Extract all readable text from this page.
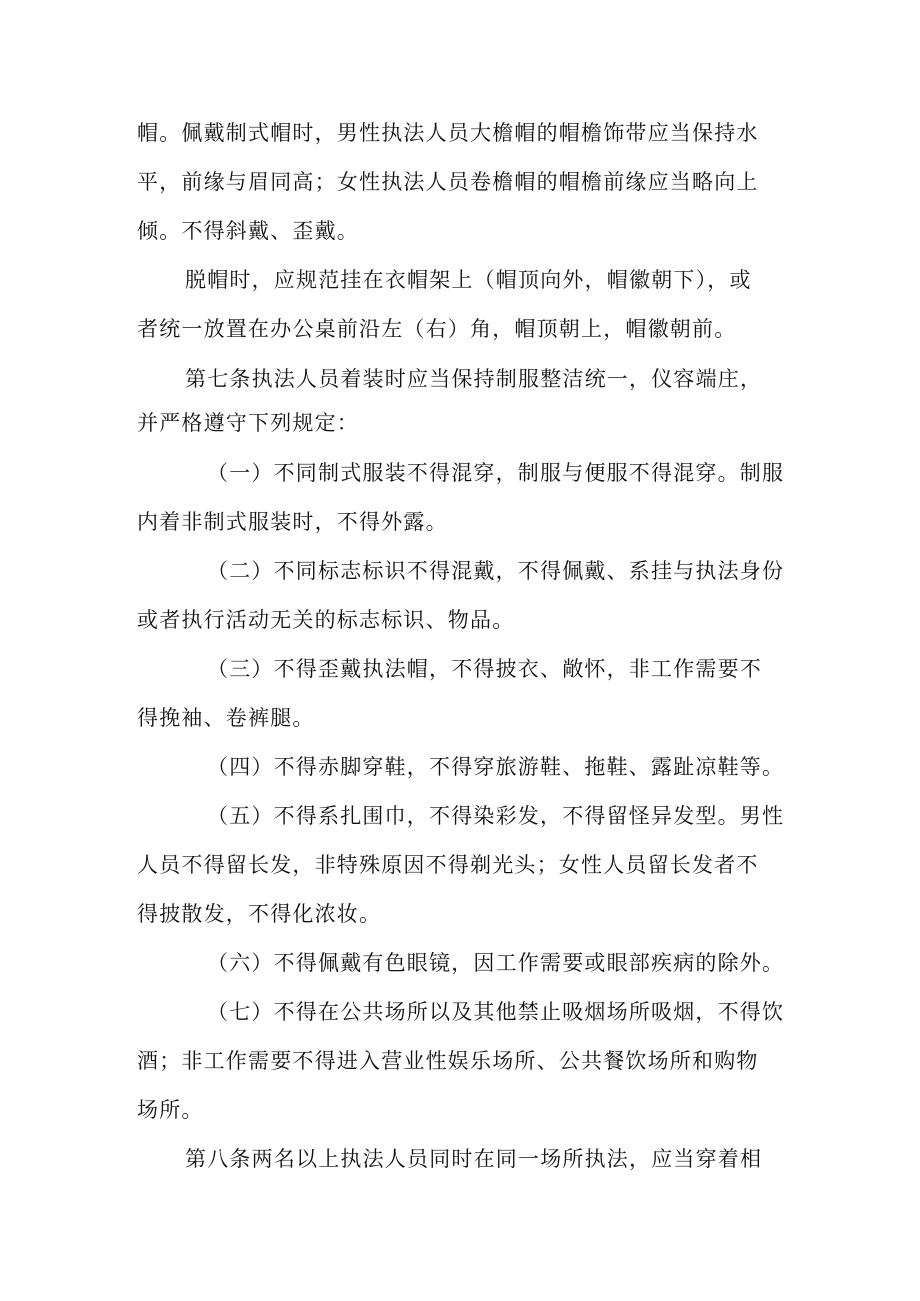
帽。佩戴制式帽时，男性执法人员大檐帽的帽檐饰带应当保持水
平，前缘与眉同高；女性执法人员卷檐帽的帽檐前缘应当略向上
倾。不得斜戴、歪戴。
脱帽时，应规范挂在衣帽架上（帽顶向外，帽徽朝下），或
者统一放置在办公桌前沿左（右）角，帽顶朝上，帽徽朝前。
第七条执法人员着装时应当保持制服整洁统一，仪容端庄，
并严格遵守下列规定：
（一）不同制式服装不得混穿，制服与便服不得混穿。制服
内着非制式服装时，不得外露。
（二）不同标志标识不得混戴，不得佩戴、系挂与执法身份
或者执行活动无关的标志标识、物品。
（三）不得歪戴执法帽，不得披衣、敞怀，非工作需要不
得挽袖、卷裤腿。
（四）不得赤脚穿鞋，不得穿旅游鞋、拖鞋、露趾凉鞋等。
（五）不得系扎围巾，不得染彩发，不得留怪异发型。男性
人员不得留长发，非特殊原因不得剃光头；女性人员留长发者不
得披散发，不得化浓妆。
（六）不得佩戴有色眼镜，因工作需要或眼部疾病的除外。
（七）不得在公共场所以及其他禁止吸烟场所吸烟，不得饮
酒；非工作需要不得进入营业性娱乐场所、公共餐饮场所和购物
场所。
第八条两名以上执法人员同时在同一场所执法，应当穿着相
